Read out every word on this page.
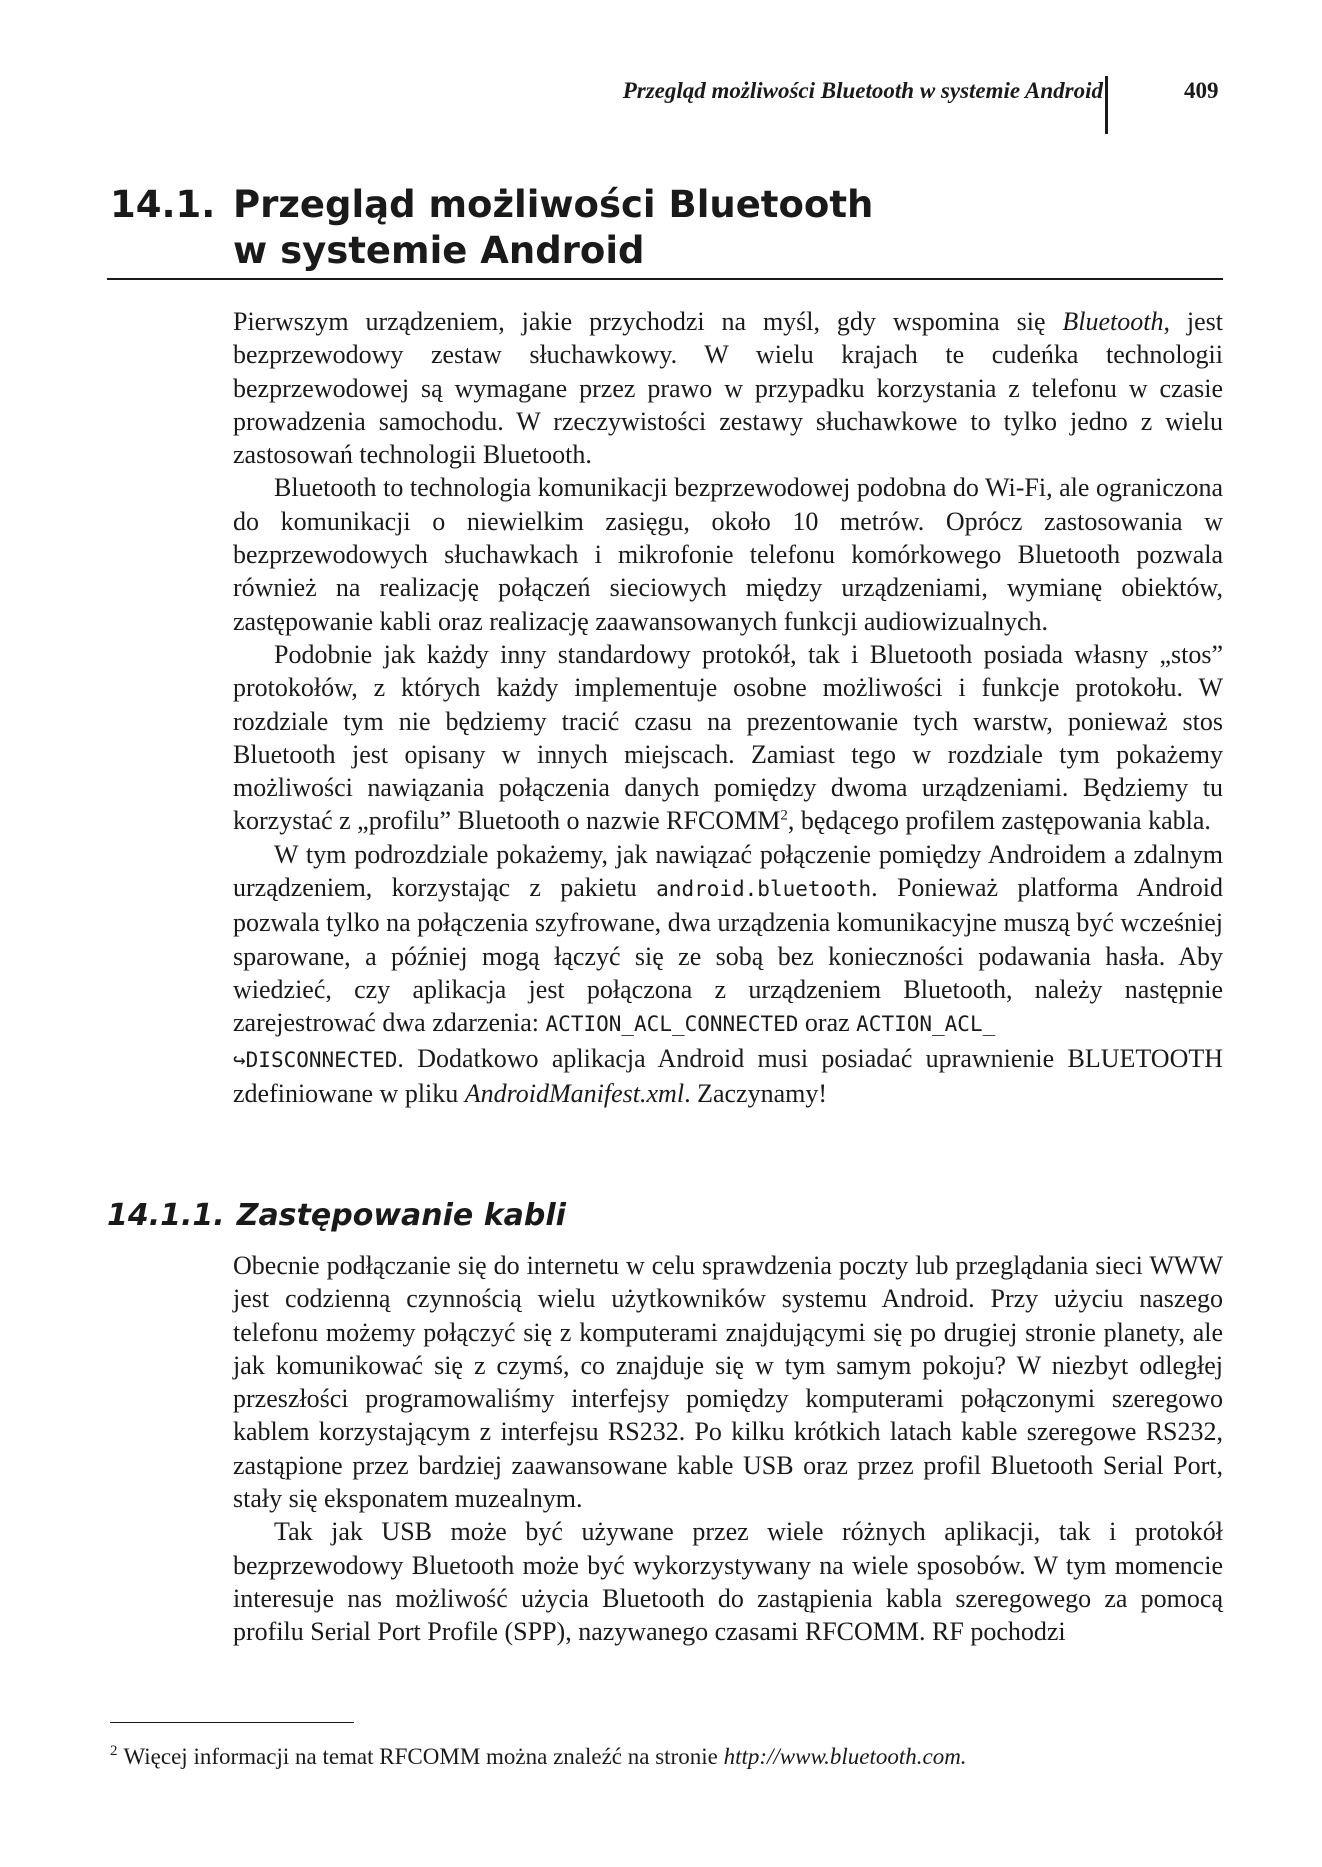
Przegląd możliwości Bluetooth w systemie Android	409
14.1. Przegląd możliwości Bluetooth
w systemie Android

Pierwszym urządzeniem, jakie przychodzi na myśl, gdy wspomina się Bluetooth, jest bezprzewodowy zestaw słuchawkowy. W wielu krajach te cudeńka technologii bezprzewodowej są wymagane przez prawo w przypadku korzystania z telefonu w czasie prowadzenia samochodu. W rzeczywistości zestawy słuchawkowe to tylko jedno z wielu zastosowań technologii Bluetooth.

Bluetooth to technologia komunikacji bezprzewodowej podobna do Wi-Fi, ale ograniczona do komunikacji o niewielkim zasięgu, około 10 metrów. Oprócz zastosowania w bezprzewodowych słuchawkach i mikrofonie telefonu komórkowego Bluetooth pozwala również na realizację połączeń sieciowych między urządzeniami, wymianę obiektów, zastępowanie kabli oraz realizację zaawansowanych funkcji audiowizualnych.

Podobnie jak każdy inny standardowy protokół, tak i Bluetooth posiada własny „stos” protokołów, z których każdy implementuje osobne możliwości i funkcje protokołu. W rozdziale tym nie będziemy tracić czasu na prezentowanie tych warstw, ponieważ stos Bluetooth jest opisany w innych miejscach. Zamiast tego w rozdziale tym pokażemy możliwości nawiązania połączenia danych pomiędzy dwoma urządzeniami. Będziemy tu korzystać z „profilu” Bluetooth o nazwie RFCOMM$^2$, będącego profilem zastępowania kabla.

W tym podrozdziale pokażemy, jak nawiązać połączenie pomiędzy Androidem a zdalnym urządzeniem, korzystając z pakietu android.bluetooth. Ponieważ platforma Android pozwala tylko na połączenia szyfrowane, dwa urządzenia komunikacyjne muszą być wcześniej sparowane, a później mogą łączyć się ze sobą bez konieczności podawania hasła. Aby wiedzieć, czy aplikacja jest połączona z urządzeniem Bluetooth, należy następnie zarejestrować dwa zdarzenia: ACTION_ACL_CONNECTED oraz ACTION_ACL_
↪DISCONNECTED. Dodatkowo aplikacja Android musi posiadać uprawnienie BLUETOOTH zdefiniowane w pliku AndroidManifest.xml. Zaczynamy!

14.1.1. Zastępowanie kabli

Obecnie podłączanie się do internetu w celu sprawdzenia poczty lub przeglądania sieci WWW jest codzienną czynnością wielu użytkowników systemu Android. Przy użyciu naszego telefonu możemy połączyć się z komputerami znajdującymi się po drugiej stronie planety, ale jak komunikować się z czymś, co znajduje się w tym samym pokoju? W niezbyt odległej przeszłości programowaliśmy interfejsy pomiędzy komputerami połączonymi szeregowo kablem korzystającym z interfejsu RS232. Po kilku krótkich latach kable szeregowe RS232, zastąpione przez bardziej zaawansowane kable USB oraz przez profil Bluetooth Serial Port, stały się eksponatem muzealnym.

Tak jak USB może być używane przez wiele różnych aplikacji, tak i protokół bezprzewodowy Bluetooth może być wykorzystywany na wiele sposobów. W tym momencie interesuje nas możliwość użycia Bluetooth do zastąpienia kabla szeregowego za pomocą profilu Serial Port Profile (SPP), nazywanego czasami RFCOMM. RF pochodzi

$^2$ Więcej informacji na temat RFCOMM można znaleźć na stronie http://www.bluetooth.com.
